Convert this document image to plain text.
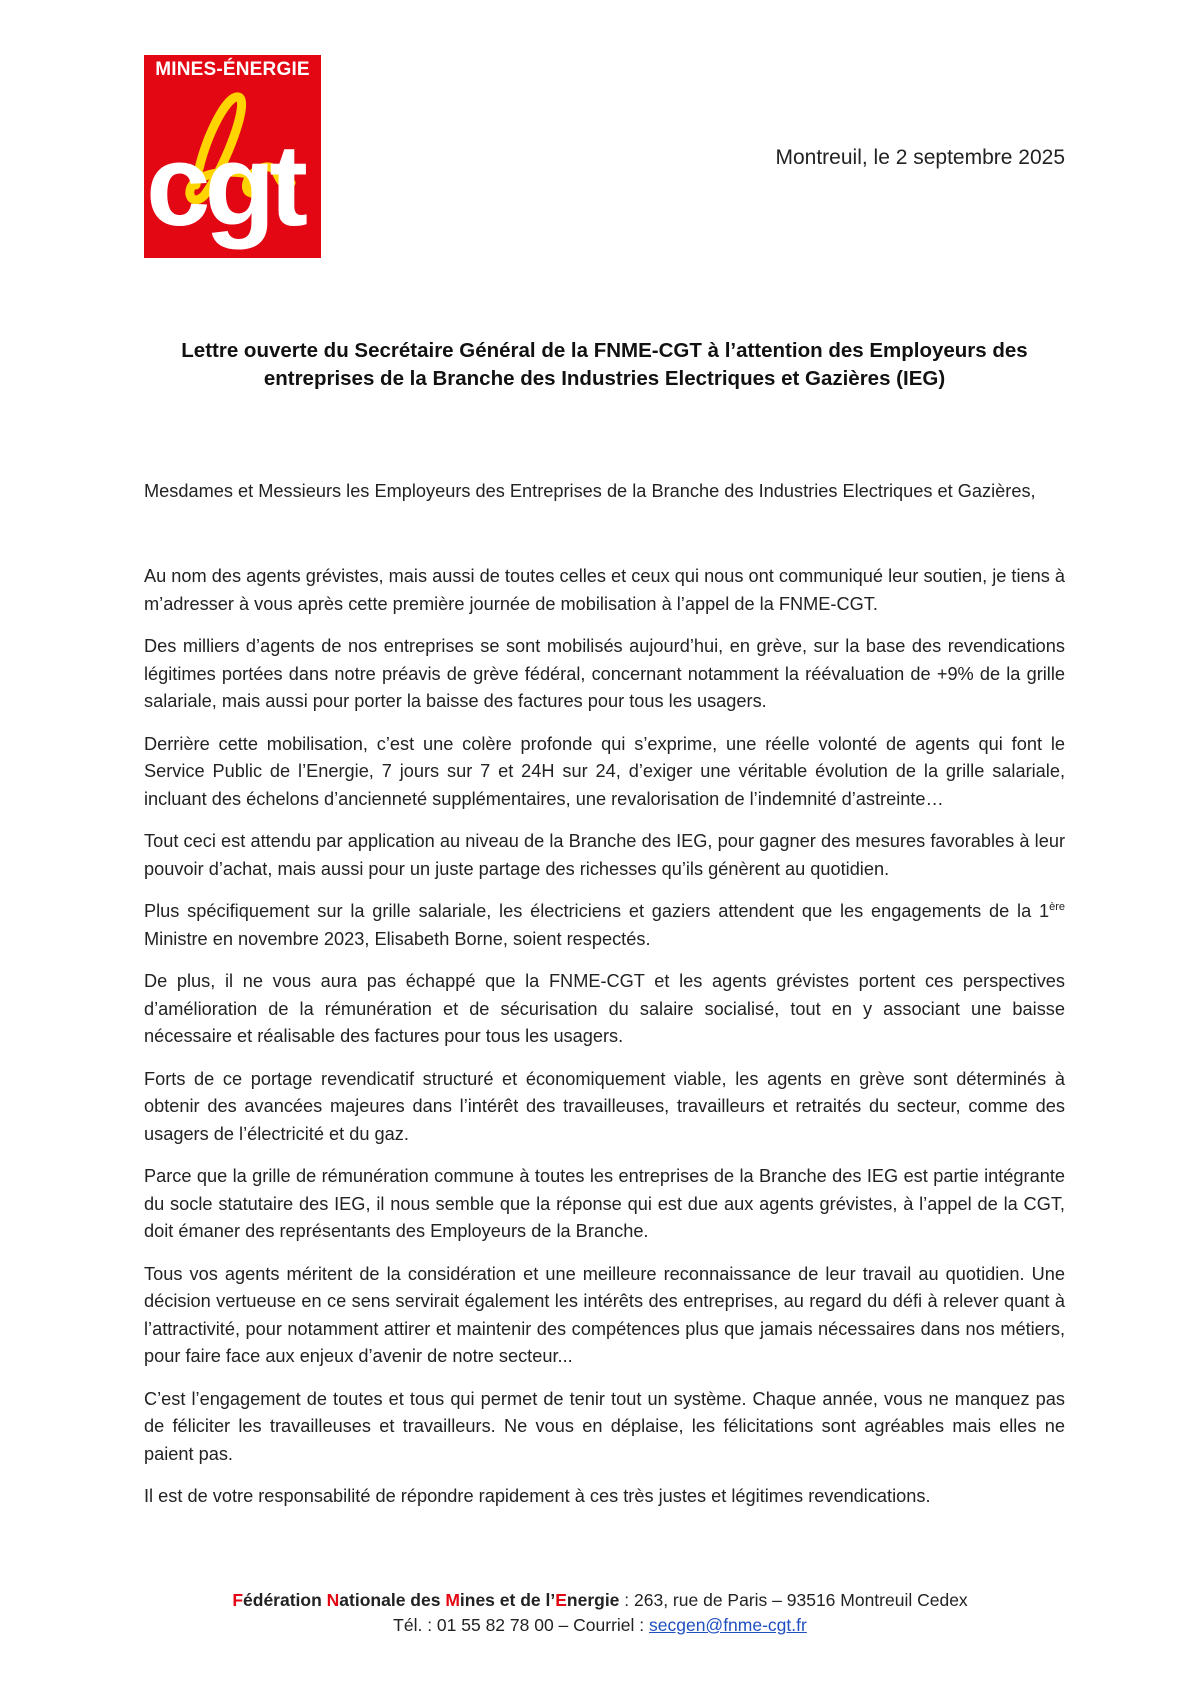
MINES-ÉNERGIE
cgt	Montreuil, le 2 septembre 2025
Lettre ouverte du Secrétaire Général de la FNME-CGT à l’attention des Employeurs des
entreprises de la Branche des Industries Electriques et Gazières (IEG)
Mesdames et Messieurs les Employeurs des Entreprises de la Branche des Industries Electriques et Gazières,

Au nom des agents grévistes, mais aussi de toutes celles et ceux qui nous ont communiqué leur soutien, je tiens à m’adresser à vous après cette première journée de mobilisation à l’appel de la FNME-CGT.

Des milliers d’agents de nos entreprises se sont mobilisés aujourd’hui, en grève, sur la base des revendications légitimes portées dans notre préavis de grève fédéral, concernant notamment la réévaluation de +9% de la grille salariale, mais aussi pour porter la baisse des factures pour tous les usagers.

Derrière cette mobilisation, c’est une colère profonde qui s’exprime, une réelle volonté de agents qui font le Service Public de l’Energie, 7 jours sur 7 et 24H sur 24, d’exiger une véritable évolution de la grille salariale, incluant des échelons d’ancienneté supplémentaires, une revalorisation de l’indemnité d’astreinte…

Tout ceci est attendu par application au niveau de la Branche des IEG, pour gagner des mesures favorables à leur pouvoir d’achat, mais aussi pour un juste partage des richesses qu’ils génèrent au quotidien.

Plus spécifiquement sur la grille salariale, les électriciens et gaziers attendent que les engagements de la 1ère Ministre en novembre 2023, Elisabeth Borne, soient respectés.

De plus, il ne vous aura pas échappé que la FNME-CGT et les agents grévistes portent ces perspectives d’amélioration de la rémunération et de sécurisation du salaire socialisé, tout en y associant une baisse nécessaire et réalisable des factures pour tous les usagers.

Forts de ce portage revendicatif structuré et économiquement viable, les agents en grève sont déterminés à obtenir des avancées majeures dans l’intérêt des travailleuses, travailleurs et retraités du secteur, comme des usagers de l’électricité et du gaz.

Parce que la grille de rémunération commune à toutes les entreprises de la Branche des IEG est partie intégrante du socle statutaire des IEG, il nous semble que la réponse qui est due aux agents grévistes, à l’appel de la CGT, doit émaner des représentants des Employeurs de la Branche.

Tous vos agents méritent de la considération et une meilleure reconnaissance de leur travail au quotidien. Une décision vertueuse en ce sens servirait également les intérêts des entreprises, au regard du défi à relever quant à l’attractivité, pour notamment attirer et maintenir des compétences plus que jamais nécessaires dans nos métiers, pour faire face aux enjeux d’avenir de notre secteur...

C’est l’engagement de toutes et tous qui permet de tenir tout un système. Chaque année, vous ne manquez pas de féliciter les travailleuses et travailleurs. Ne vous en déplaise, les félicitations sont agréables mais elles ne paient pas.

Il est de votre responsabilité de répondre rapidement à ces très justes et légitimes revendications.

Fédération Nationale des Mines et de l’Energie : 263, rue de Paris – 93516 Montreuil Cedex
Tél. : 01 55 82 78 00 – Courriel : secgen@fnme-cgt.fr
